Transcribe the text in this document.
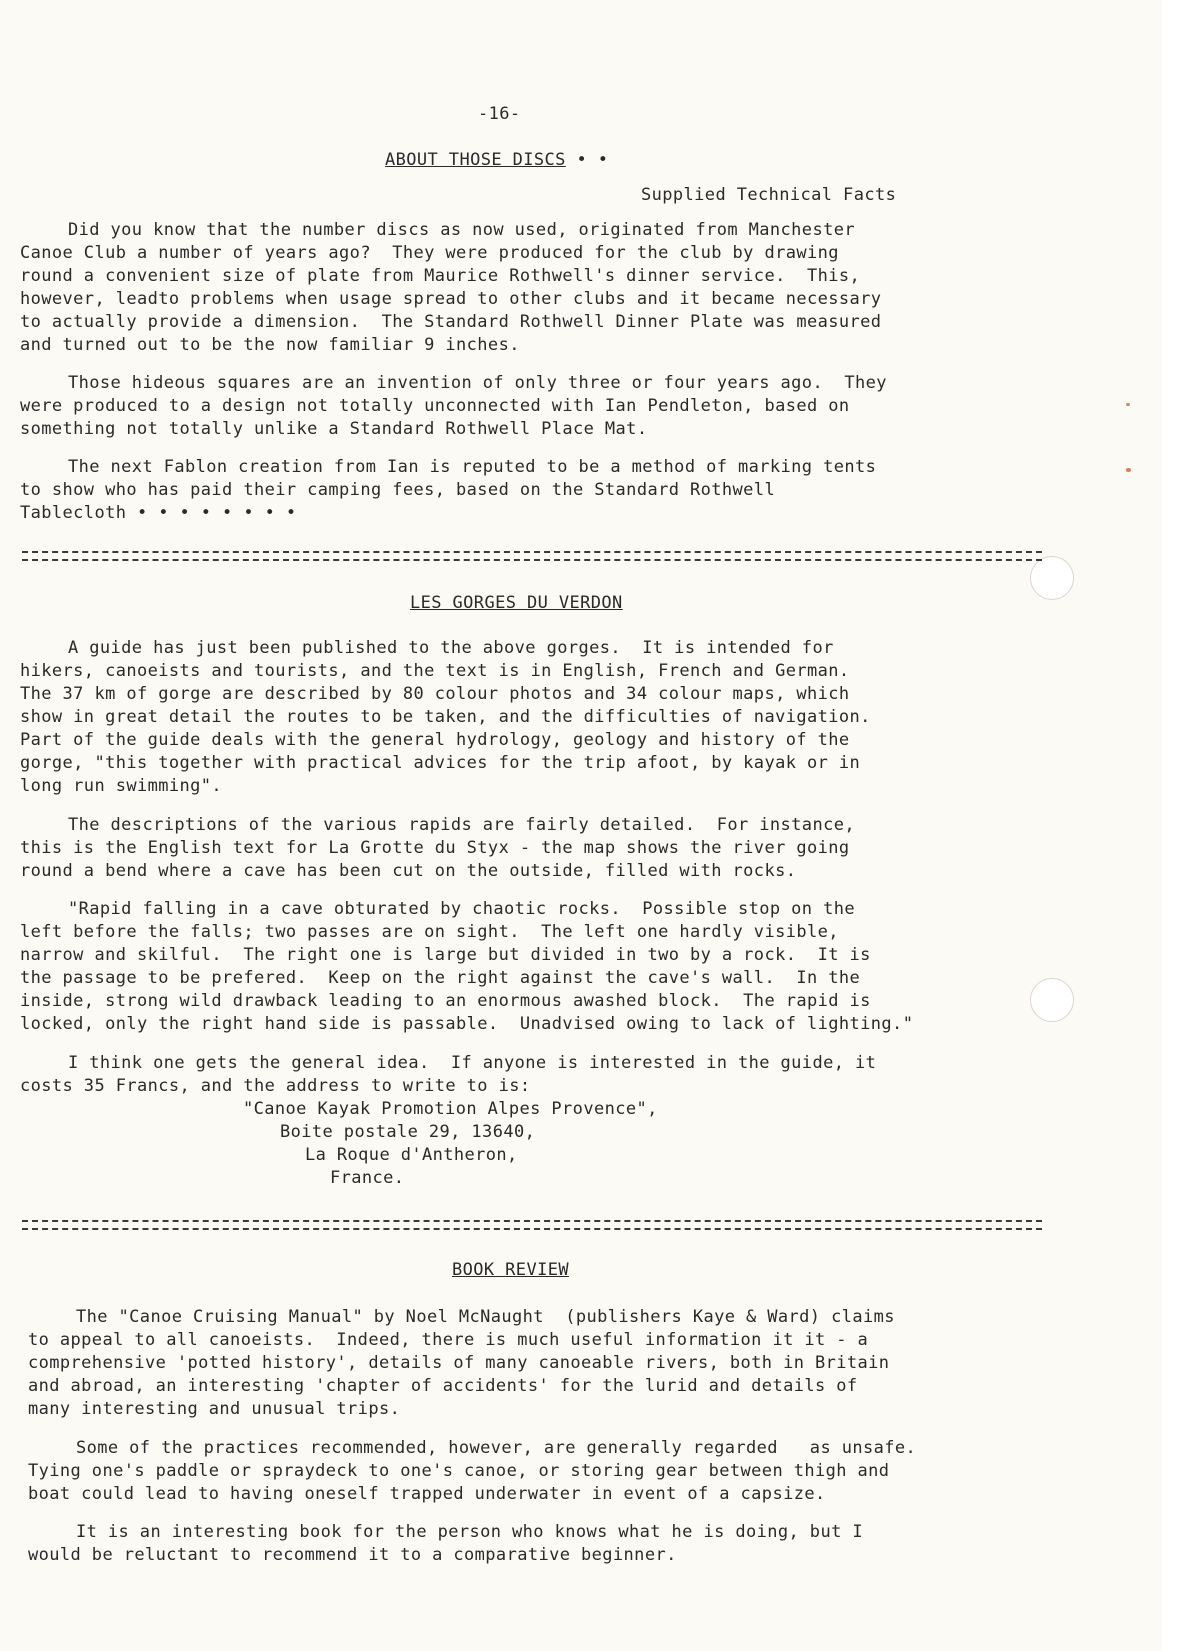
-16-

ABOUT THOSE DISCS • •

Supplied Technical Facts

Did you know that the number discs as now used, originated from Manchester

Canoe Club a number of years ago?  They were produced for the club by drawing

round a convenient size of plate from Maurice Rothwell's dinner service.  This,

however, leadto problems when usage spread to other clubs and it became necessary

to actually provide a dimension.  The Standard Rothwell Dinner Plate was measured

and turned out to be the now familiar 9 inches.

Those hideous squares are an invention of only three or four years ago.  They

were produced to a design not totally unconnected with Ian Pendleton, based on

something not totally unlike a Standard Rothwell Place Mat.

The next Fablon creation from Ian is reputed to be a method of marking tents

to show who has paid their camping fees, based on the Standard Rothwell

Tablecloth • • • • • • • •

LES GORGES DU VERDON

A guide has just been published to the above gorges.  It is intended for

hikers, canoeists and tourists, and the text is in English, French and German.

The 37 km of gorge are described by 80 colour photos and 34 colour maps, which

show in great detail the routes to be taken, and the difficulties of navigation.

Part of the guide deals with the general hydrology, geology and history of the

gorge, "this together with practical advices for the trip afoot, by kayak or in

long run swimming".

The descriptions of the various rapids are fairly detailed.  For instance,

this is the English text for La Grotte du Styx - the map shows the river going

round a bend where a cave has been cut on the outside, filled with rocks.

"Rapid falling in a cave obturated by chaotic rocks.  Possible stop on the

left before the falls; two passes are on sight.  The left one hardly visible,

narrow and skilful.  The right one is large but divided in two by a rock.  It is

the passage to be prefered.  Keep on the right against the cave's wall.  In the

inside, strong wild drawback leading to an enormous awashed block.  The rapid is

locked, only the right hand side is passable.  Unadvised owing to lack of lighting."

I think one gets the general idea.  If anyone is interested in the guide, it

costs 35 Francs, and the address to write to is:

"Canoe Kayak Promotion Alpes Provence",

Boite postale 29, 13640,

La Roque d'Antheron,

France.

BOOK REVIEW

The "Canoe Cruising Manual" by Noel McNaught  (publishers Kaye & Ward) claims

to appeal to all canoeists.  Indeed, there is much useful information it it - a

comprehensive 'potted history', details of many canoeable rivers, both in Britain

and abroad, an interesting 'chapter of accidents' for the lurid and details of

many interesting and unusual trips.

Some of the practices recommended, however, are generally regarded   as unsafe.

Tying one's paddle or spraydeck to one's canoe, or storing gear between thigh and

boat could lead to having oneself trapped underwater in event of a capsize.

It is an interesting book for the person who knows what he is doing, but I

would be reluctant to recommend it to a comparative beginner.
